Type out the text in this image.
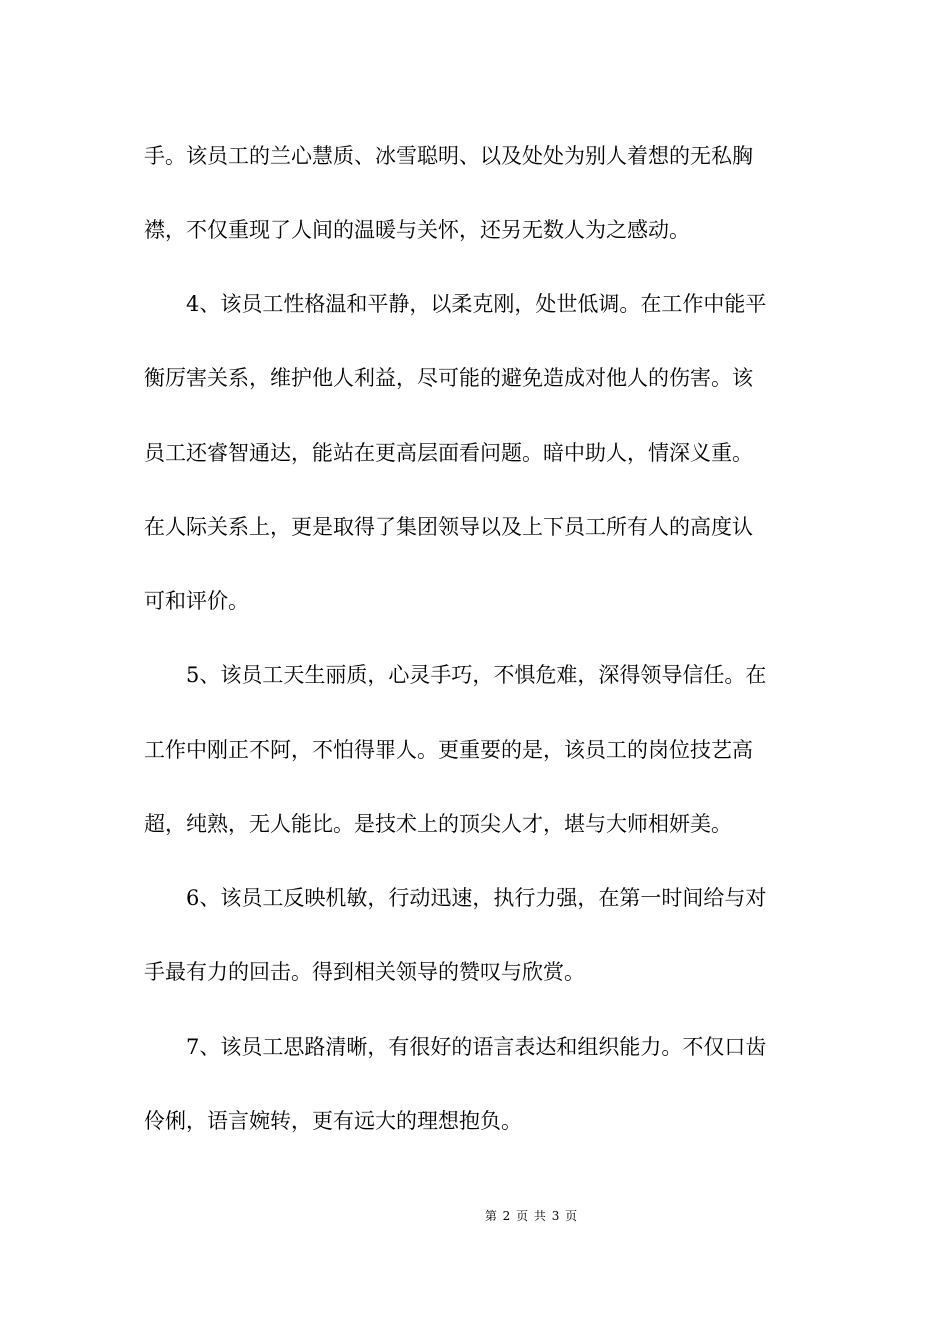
手。该员工的兰心慧质、冰雪聪明、以及处处为别人着想的无私胸
襟，不仅重现了人间的温暖与关怀，还另无数人为之感动。
　　4、该员工性格温和平静，以柔克刚，处世低调。在工作中能平
衡厉害关系，维护他人利益，尽可能的避免造成对他人的伤害。该
员工还睿智通达，能站在更高层面看问题。暗中助人，情深义重。
在人际关系上，更是取得了集团领导以及上下员工所有人的高度认
可和评价。
　　5、该员工天生丽质，心灵手巧，不惧危难，深得领导信任。在
工作中刚正不阿，不怕得罪人。更重要的是，该员工的岗位技艺高
超，纯熟，无人能比。是技术上的顶尖人才，堪与大师相妍美。
　　6、该员工反映机敏，行动迅速，执行力强，在第一时间给与对
手最有力的回击。得到相关领导的赞叹与欣赏。
　　7、该员工思路清晰，有很好的语言表达和组织能力。不仅口齿
伶俐，语言婉转，更有远大的理想抱负。
第 2 页 共 3 页
